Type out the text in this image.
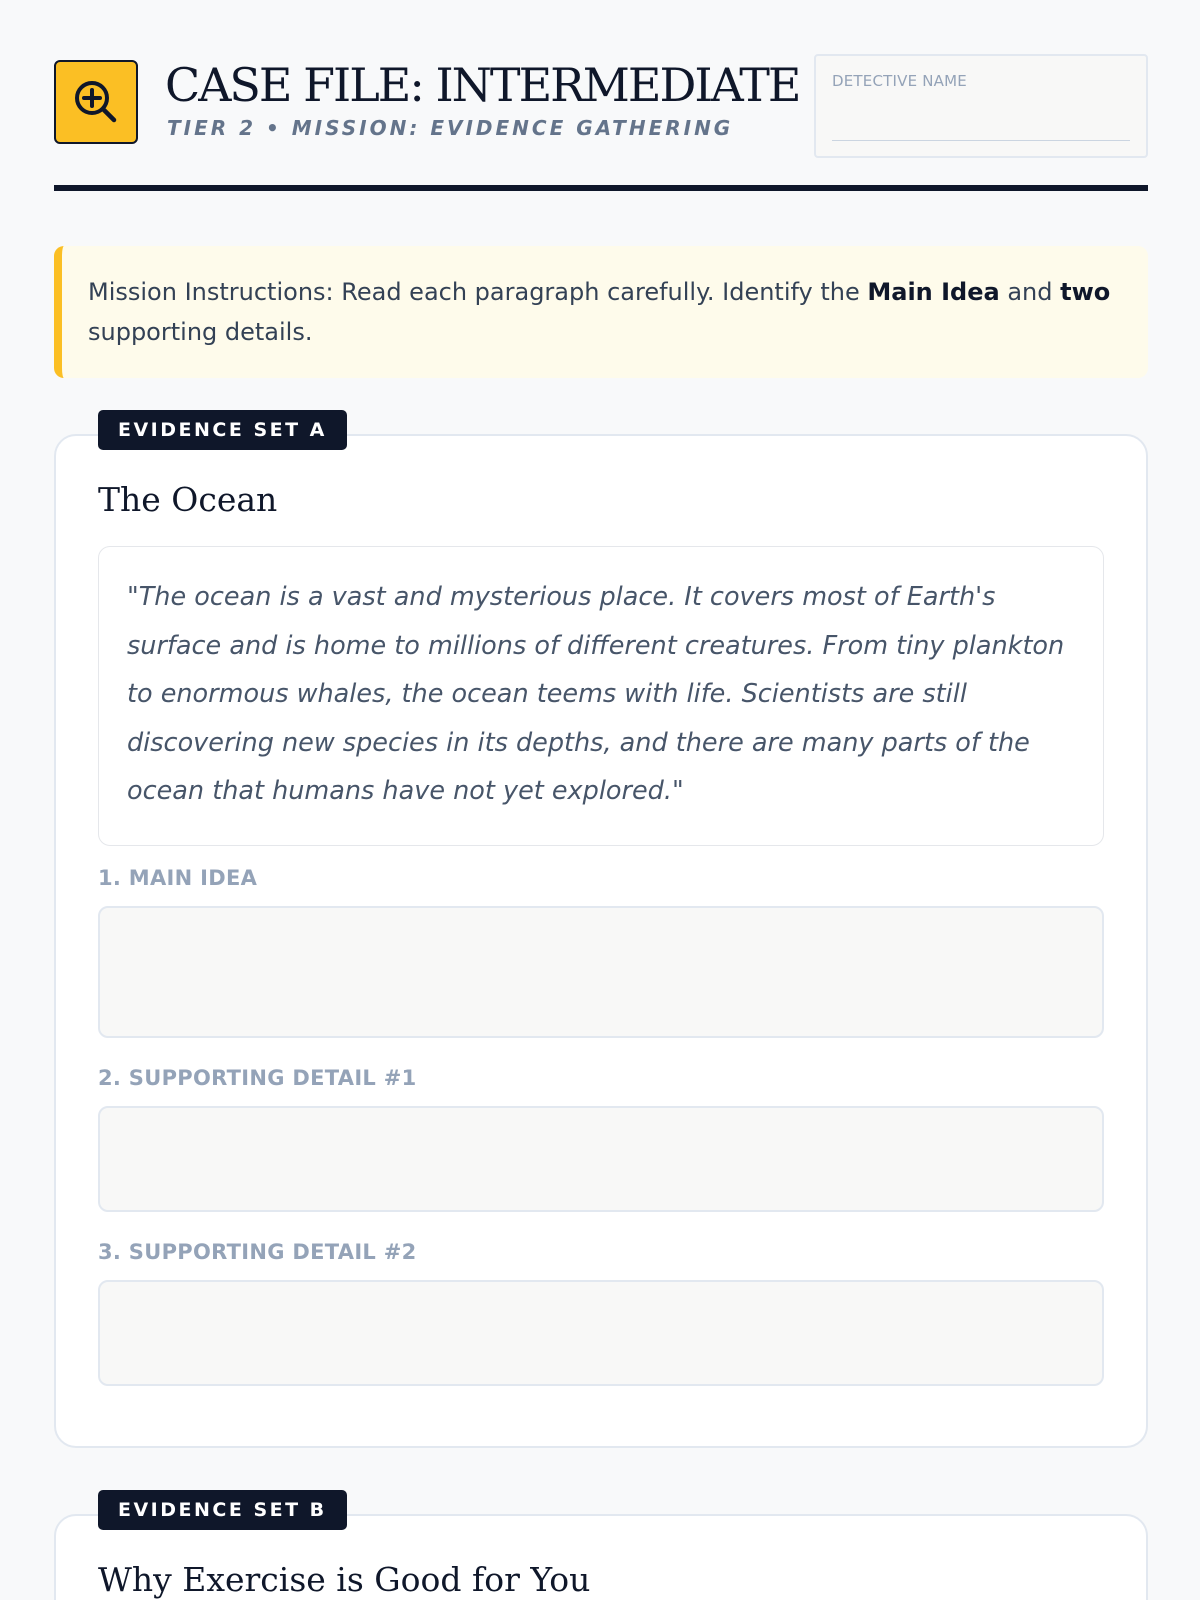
CASE FILE: INTERMEDIATE
TIER 2 • MISSION: EVIDENCE GATHERING
DETECTIVE NAME
Mission Instructions: Read each paragraph carefully. Identify the Main Idea and two supporting details.
EVIDENCE SET A
The Ocean
"The ocean is a vast and mysterious place. It covers most of Earth's surface and is home to millions of different creatures. From tiny plankton to enormous whales, the ocean teems with life. Scientists are still discovering new species in its depths, and there are many parts of the ocean that humans have not yet explored."
1. MAIN IDEA
2. SUPPORTING DETAIL #1
3. SUPPORTING DETAIL #2
EVIDENCE SET B
Why Exercise is Good for You
